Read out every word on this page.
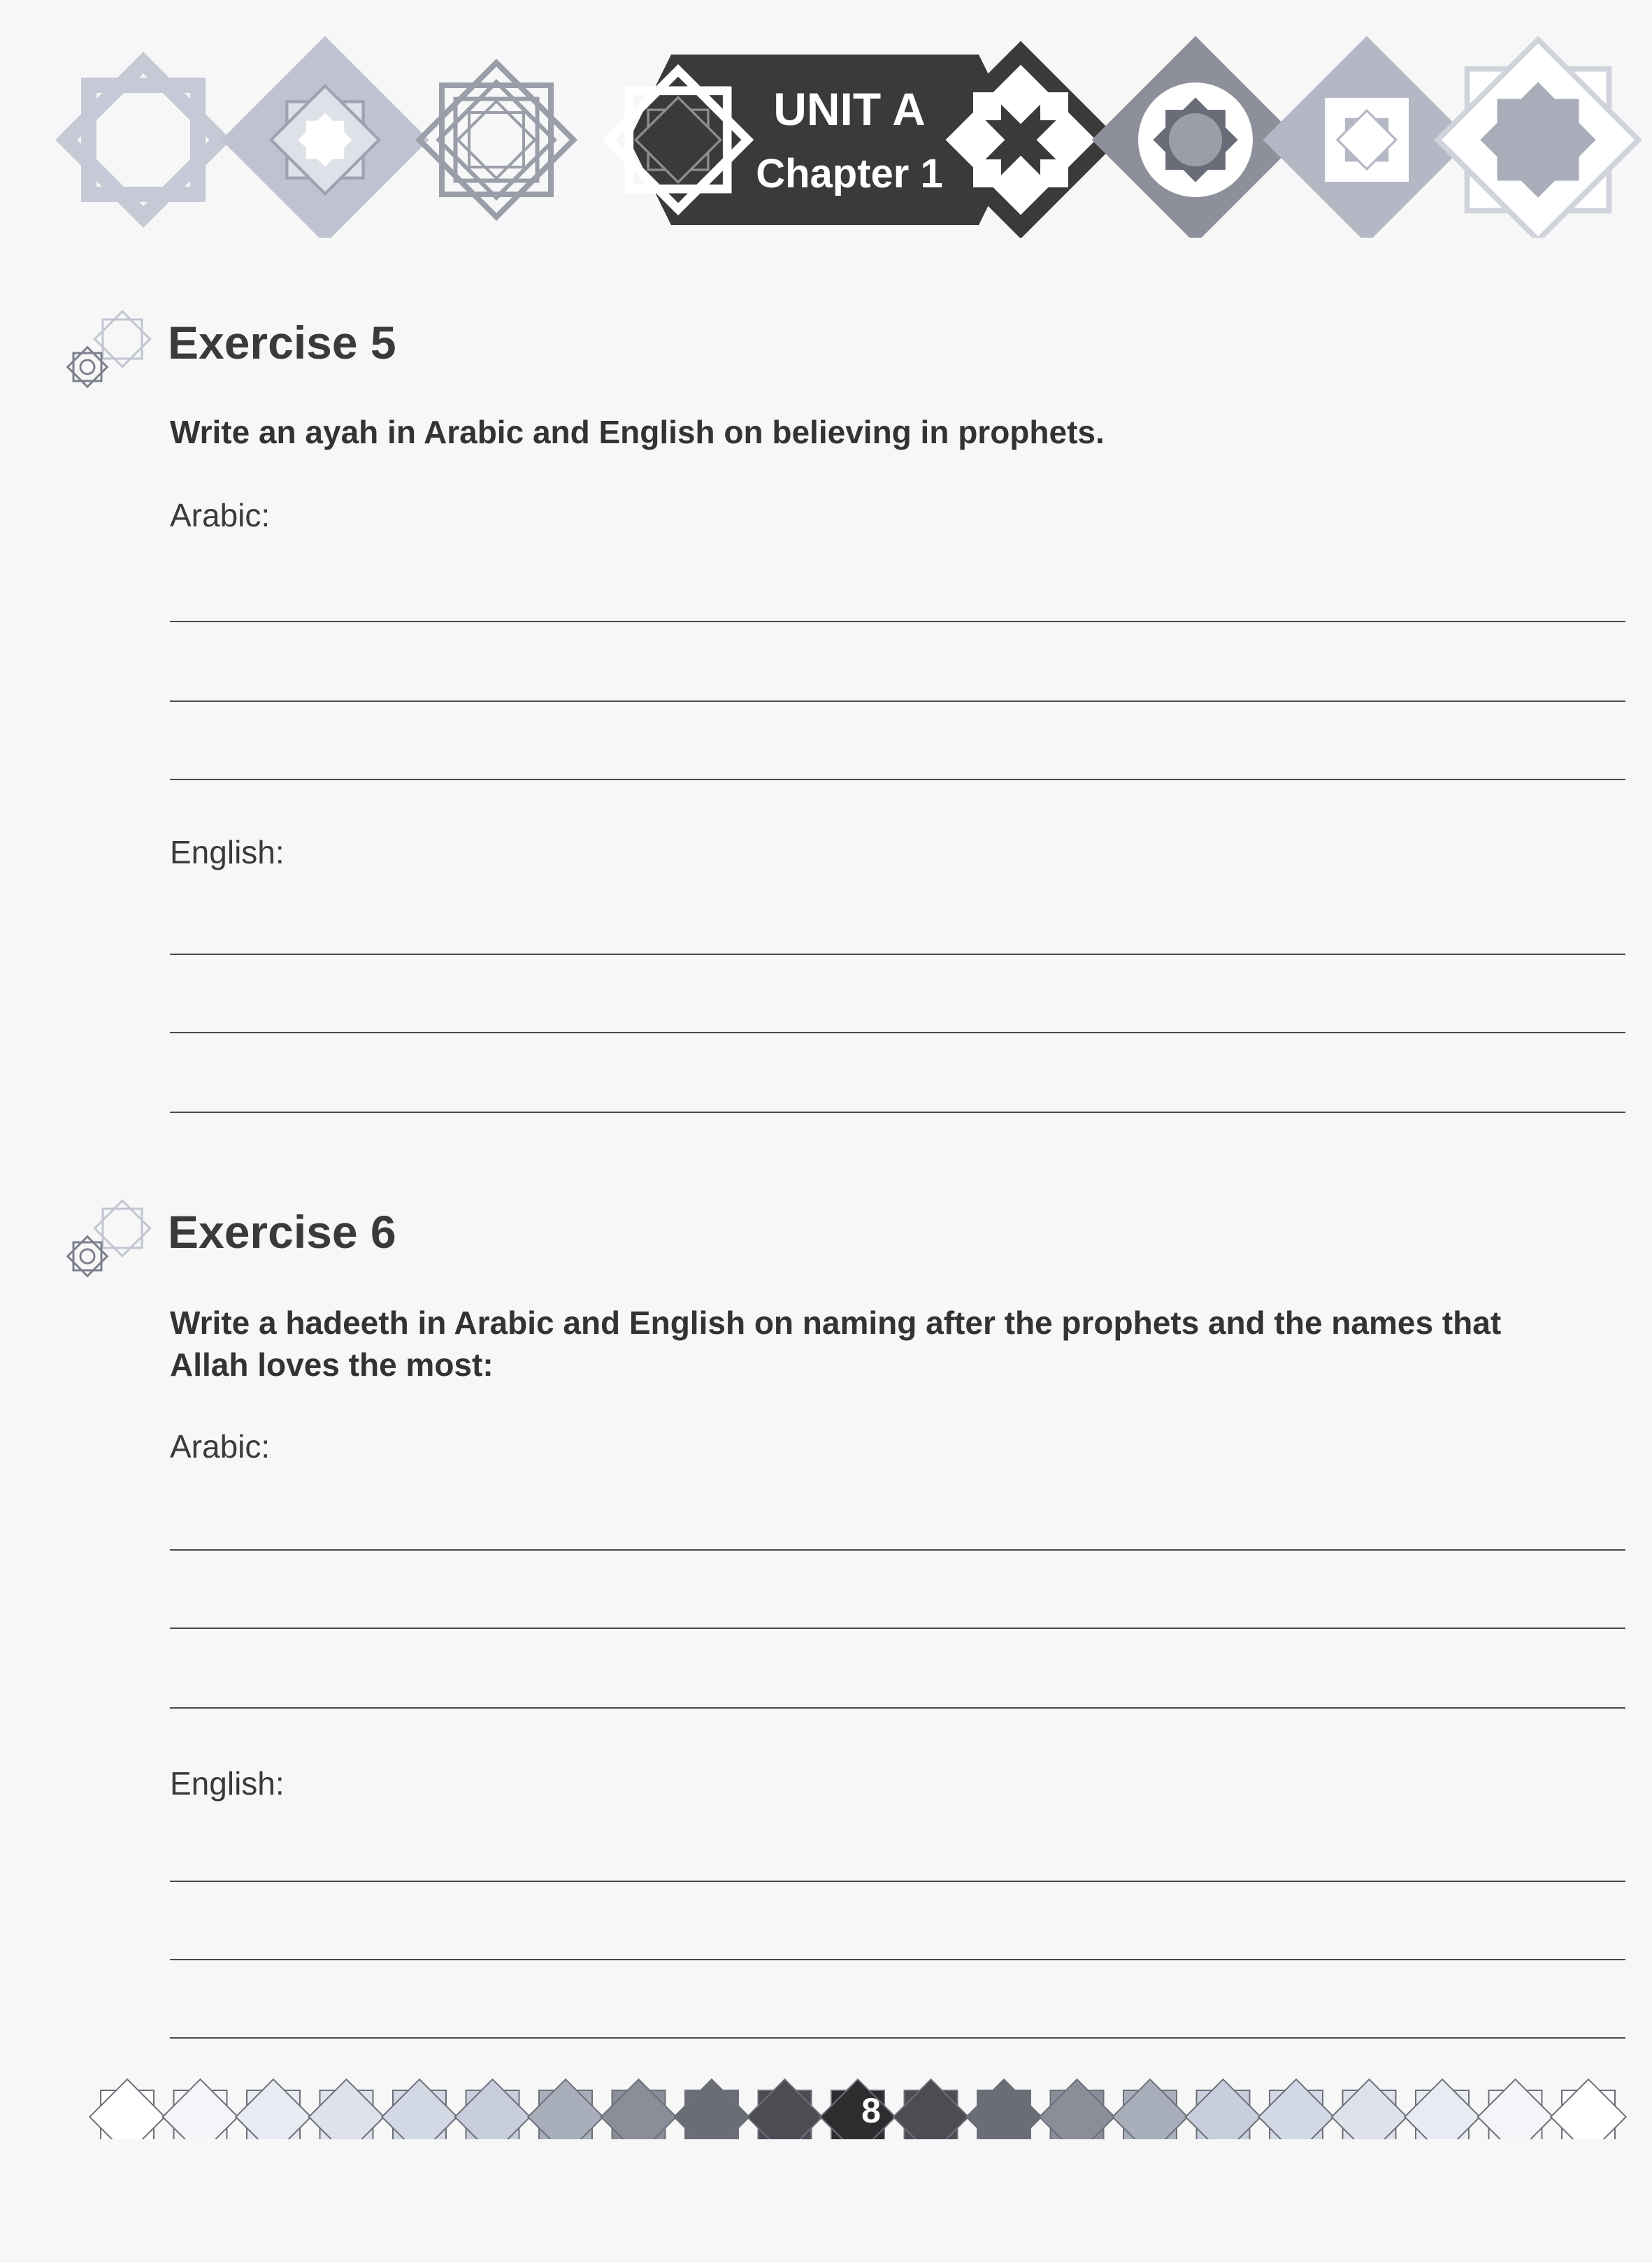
UNIT A
Chapter 1
Exercise 5

Write an ayah in Arabic and English on believing in prophets.

Arabic:

English:

Exercise 6

Write a hadeeth in Arabic and English on naming after the prophets and the names that Allah loves the most:

Arabic:

English:

8
